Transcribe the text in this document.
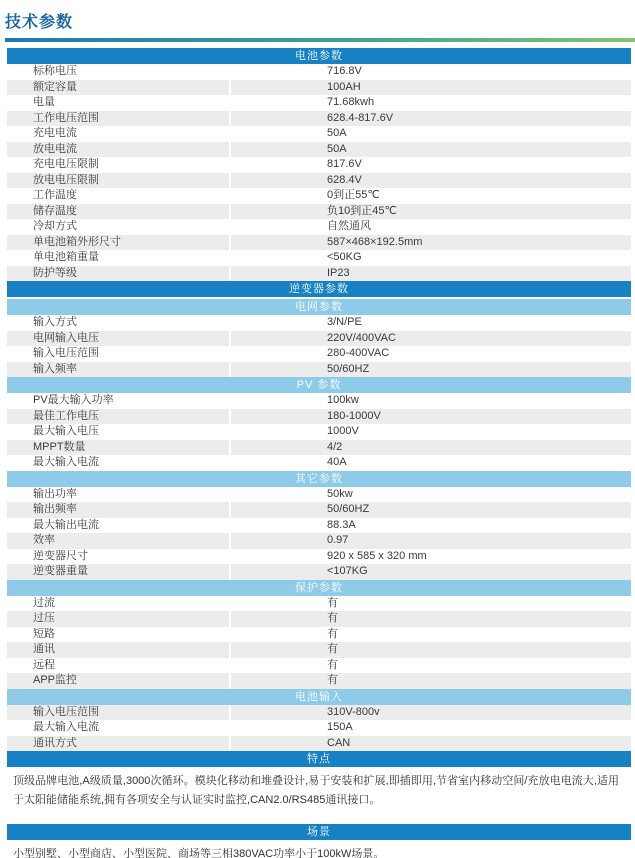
技术参数
电池参数
标称电压	716.8V
额定容量	100AH
电量	71.68kwh
工作电压范围	628.4-817.6V
充电电流	50A
放电电流	50A
充电电压限制	817.6V
放电电压限制	628.4V
工作温度	0到正55℃
储存温度	负10到正45℃
冷却方式	自然通风
单电池箱外形尺寸	587×468×192.5mm
单电池箱重量	<50KG
防护等级	IP23
逆变器参数
电网参数
输入方式	3/N/PE
电网输入电压	220V/400VAC
输入电压范围	280-400VAC
输入频率	50/60HZ
PV 参数
PV最大输入功率	100kw
最佳工作电压	180-1000V
最大输入电压	1000V
MPPT数量	4/2
最大输入电流	40A
其它参数
输出功率	50kw
输出频率	50/60HZ
最大输出电流	88.3A
效率	0.97
逆变器尺寸	920 x 585 x 320 mm
逆变器重量	<107KG
保护参数
过流	有
过压	有
短路	有
通讯	有
远程	有
APP监控	有
电池输入
输入电压范围	310V-800v
最大输入电流	150A
通讯方式	CAN
特点
顶级品牌电池,A级质量,3000次循环。模块化移动和堆叠设计,易于安装和扩展,即插即用,节省室内移动空间/充放电电流大,适用于太阳能储能系统,拥有各项安全与认证实时监控,CAN2.0/RS485通讯接口。
场景
小型别墅、小型商店、小型医院、商场等三相380VAC功率小于100kW场景。
